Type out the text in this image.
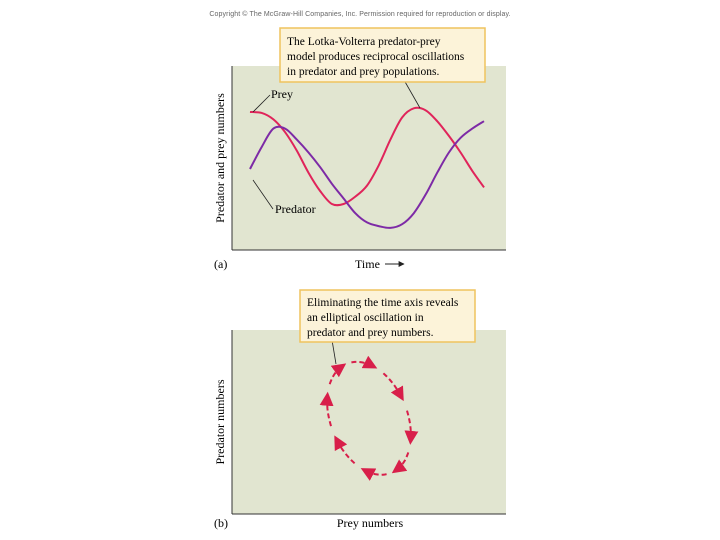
Copyright © The McGraw-Hill Companies, Inc. Permission required for reproduction or display.
Prey
Predator
The Lotka-Volterra predator-prey
model produces reciprocal oscillations
in predator and prey populations.
Predator and prey numbers
Time
(a)
Eliminating the time axis reveals
an elliptical oscillation in
predator and prey numbers.
Predator numbers
Prey numbers
(b)
